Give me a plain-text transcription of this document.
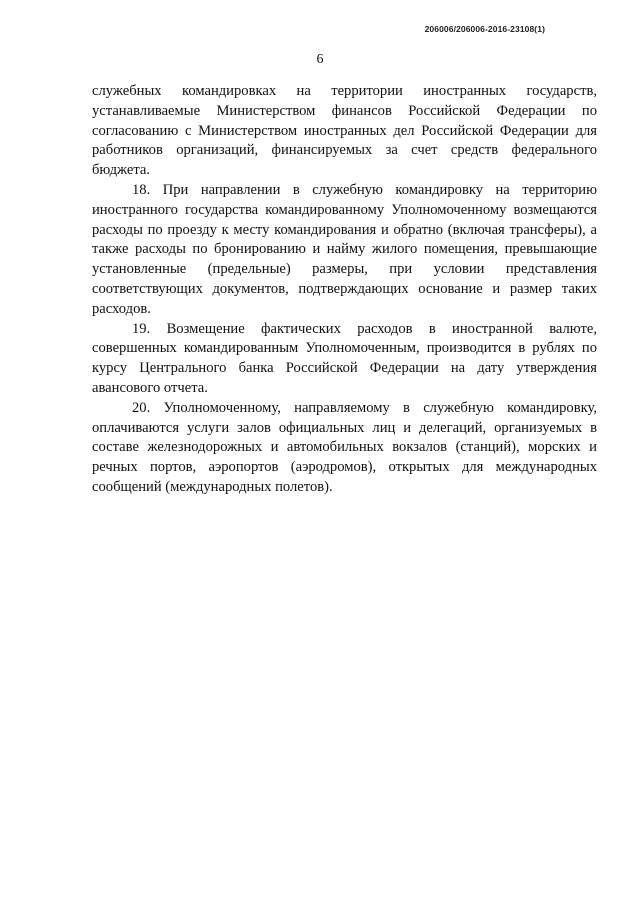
206006/206006-2016-23108(1)
6

служебных командировках на территории иностранных государств, устанавливаемые Министерством финансов Российской Федерации по согласованию с Министерством иностранных дел Российской Федерации для работников организаций, финансируемых за счет средств федерального бюджета.

18. При направлении в служебную командировку на территорию иностранного государства командированному Уполномоченному возмещаются расходы по проезду к месту командирования и обратно (включая трансферы), а также расходы по бронированию и найму жилого помещения, превышающие установленные (предельные) размеры, при условии представления соответствующих документов, подтверждающих основание и размер таких расходов.

19. Возмещение фактических расходов в иностранной валюте, совершенных командированным Уполномоченным, производится в рублях по курсу Центрального банка Российской Федерации на дату утверждения авансового отчета.

20. Уполномоченному, направляемому в служебную командировку, оплачиваются услуги залов официальных лиц и делегаций, организуемых в составе железнодорожных и автомобильных вокзалов (станций), морских и речных портов, аэропортов (аэродромов), открытых для международных сообщений (международных полетов).
